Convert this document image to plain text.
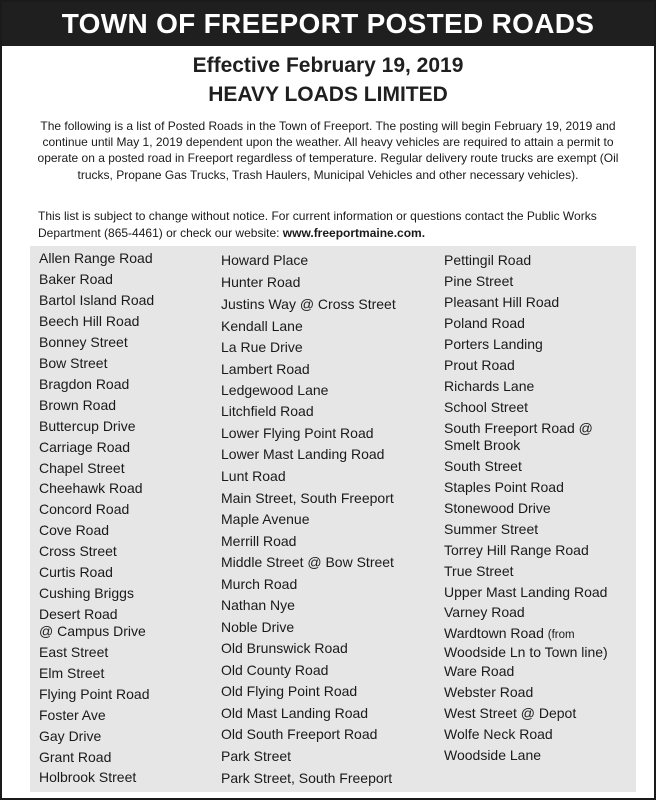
TOWN OF FREEPORT POSTED ROADS
Effective February 19, 2019
HEAVY LOADS LIMITED

The following is a list of Posted Roads in the Town of Freeport. The posting will begin February 19, 2019 and continue until May 1, 2019 dependent upon the weather. All heavy vehicles are required to attain a permit to operate on a posted road in Freeport regardless of temperature. Regular delivery route trucks are exempt (Oil trucks, Propane Gas Trucks, Trash Haulers, Municipal Vehicles and other necessary vehicles).

This list is subject to change without notice. For current information or questions contact the Public Works Department (865-4461) or check our website: www.freeportmaine.com.

Allen Range Road
Baker Road
Bartol Island Road
Beech Hill Road
Bonney Street
Bow Street
Bragdon Road
Brown Road
Buttercup Drive
Carriage Road
Chapel Street
Cheehawk Road
Concord Road
Cove Road
Cross Street
Curtis Road
Cushing Briggs
Desert Road
@ Campus Drive
East Street
Elm Street
Flying Point Road
Foster Ave
Gay Drive
Grant Road
Holbrook Street
Howard Place
Hunter Road
Justins Way @ Cross Street
Kendall Lane
La Rue Drive
Lambert Road
Ledgewood Lane
Litchfield Road
Lower Flying Point Road
Lower Mast Landing Road
Lunt Road
Main Street, South Freeport
Maple Avenue
Merrill Road
Middle Street @ Bow Street
Murch Road
Nathan Nye
Noble Drive
Old Brunswick Road
Old County Road
Old Flying Point Road
Old Mast Landing Road
Old South Freeport Road
Park Street
Park Street, South Freeport
Pettingil Road
Pine Street
Pleasant Hill Road
Poland Road
Porters Landing
Prout Road
Richards Lane
School Street
South Freeport Road @
Smelt Brook
South Street
Staples Point Road
Stonewood Drive
Summer Street
Torrey Hill Range Road
True Street
Upper Mast Landing Road
Varney Road
Wardtown Road (from
Woodside Ln to Town line)
Ware Road
Webster Road
West Street @ Depot
Wolfe Neck Road
Woodside Lane
